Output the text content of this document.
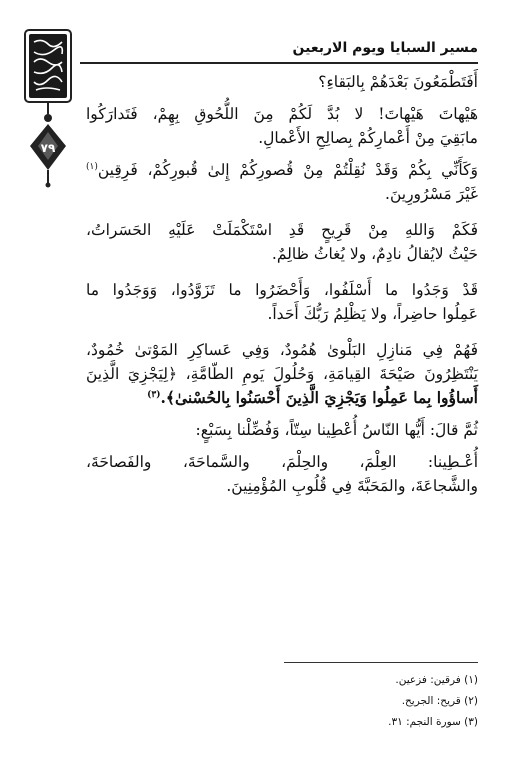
مسير السبايا ويوم الاربعين
٧٩

أَفَتَطْمَعُونَ بَعْدَهُمْ بِالبَقاءِ؟

هَيْهاتَ هَيْهاتَ! لا بُدَّ لَكُمْ مِنَ اللُّحُوقِ بِهِمْ، فَتَدارَكُوا
مابَقِيَ مِنْ أَعْمارِكُمْ بِصالِحِ الأَعْمالِ.

وَكَأَنِّي بِكُمْ وَقَدْ نُقِلْتُمْ مِنْ قُصورِكُمْ إِلىٰ قُبورِكُمْ، فَرِقِين$^{(١)}$
غَيْرَ مَسْرُورِينَ.

فَكَمْ وَاللهِ مِنْ قَرِيحٍ قَدِ اسْتَكْمَلَتْ عَلَيْهِ الحَسَراتُ،
حَيْثُ لايُقالُ نادِمٌ، ولا يُغاثُ ظالِمٌ.

قَدْ وَجَدُوا ما أَسْلَفُوا، وَأَحْضَرُوا ما تَزَوَّدُوا، وَوَجَدُوا ما
عَمِلُوا حاضِراً، ولا يَظْلِمُ رَبُّكَ أَحَداً.

فَهُمْ فِي مَنازِلِ البَلْوىٰ هُمُودٌ، وَفِي عَساكِرِ المَوْتىٰ خُمُودٌ،
يَنْتَظِرُونَ صَيْحَةَ القِيامَةِ، وَحُلُولَ يَومِ الطّامَّةِ، ﴿لِيَجْزِيَ الَّذِينَ
أَساؤُوا بِما عَمِلُوا وَيَجْزِيَ الَّذِينَ أَحْسَنُوا بِالحُسْنىٰ﴾.$^{(٣)}$

ثُمَّ قالَ: أَيُّها النّاسُ أُعْطِينا سِتّاً، وَفُضِّلْنا بِسَبْعٍ:

أُعْـطِينا: العِلْمَ، والحِلْمَ، والسَّماحَةَ، والفَصاحَةَ،
والشَّجاعَةَ، والمَحَبَّةَ فِي قُلُوبِ المُؤْمِنِينَ.

(١) فرقين: فزعين.
(٢) قريح: الجريح.
(٣) سورة النجم: ٣١.
